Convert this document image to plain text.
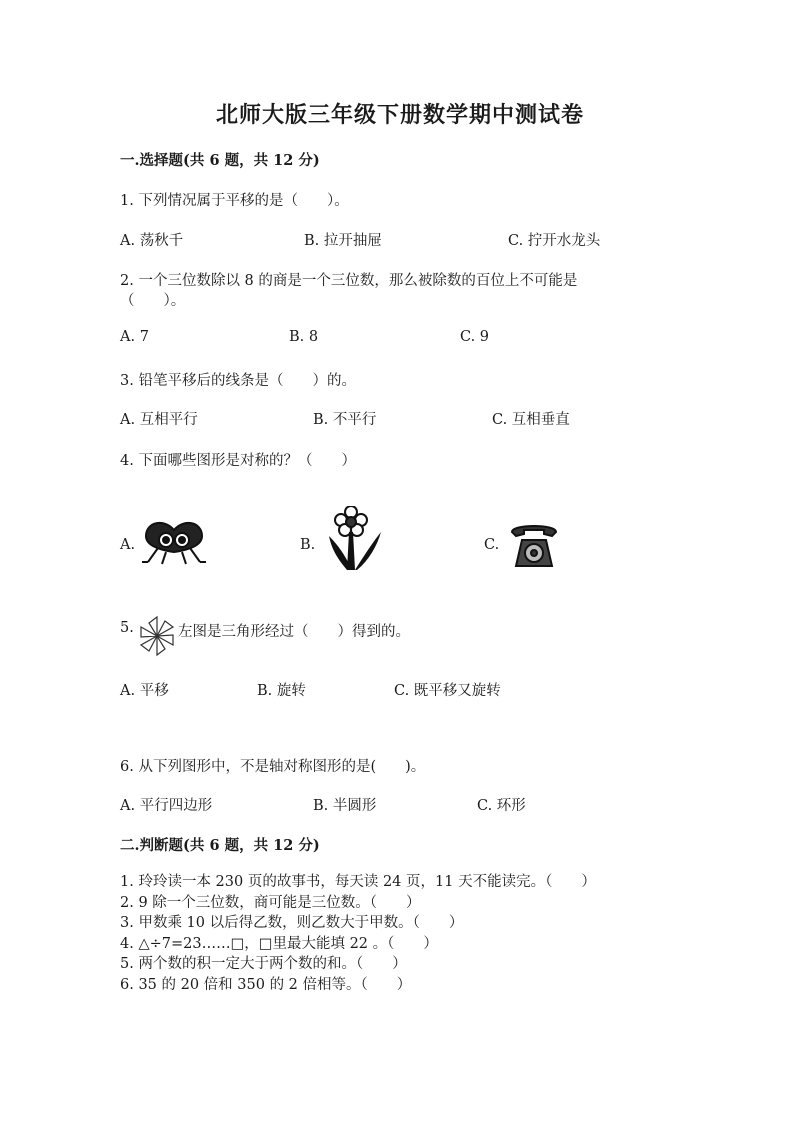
北师大版三年级下册数学期中测试卷
一.选择题(共 6 题，共 12 分)
1. 下列情况属于平移的是（　　）。
A. 荡秋千	B. 拉开抽屉	C. 拧开水龙头
2. 一个三位数除以 8 的商是一个三位数，那么被除数的百位上不可能是
（　　）。
A. 7	B. 8	C. 9
3. 铅笔平移后的线条是（　　）的。
A. 互相平行	B. 不平行	C. 互相垂直
4. 下面哪些图形是对称的？（　　）
A.	B.	C.
5.	左图是三角形经过（　　）得到的。
A. 平移	B. 旋转	C. 既平移又旋转
6. 从下列图形中，不是轴对称图形的是(　　)。
A. 平行四边形	B. 半圆形	C. 环形
二.判断题(共 6 题，共 12 分)
1. 玲玲读一本 230 页的故事书，每天读 24 页，11 天不能读完。（　　）
2. 9 除一个三位数，商可能是三位数。（　　）
3. 甲数乘 10 以后得乙数，则乙数大于甲数。（　　）
4. △÷7=23……□，□里最大能填 22 。（　　）
5. 两个数的积一定大于两个数的和。（　　）
6. 35 的 20 倍和 350 的 2 倍相等。（　　）
